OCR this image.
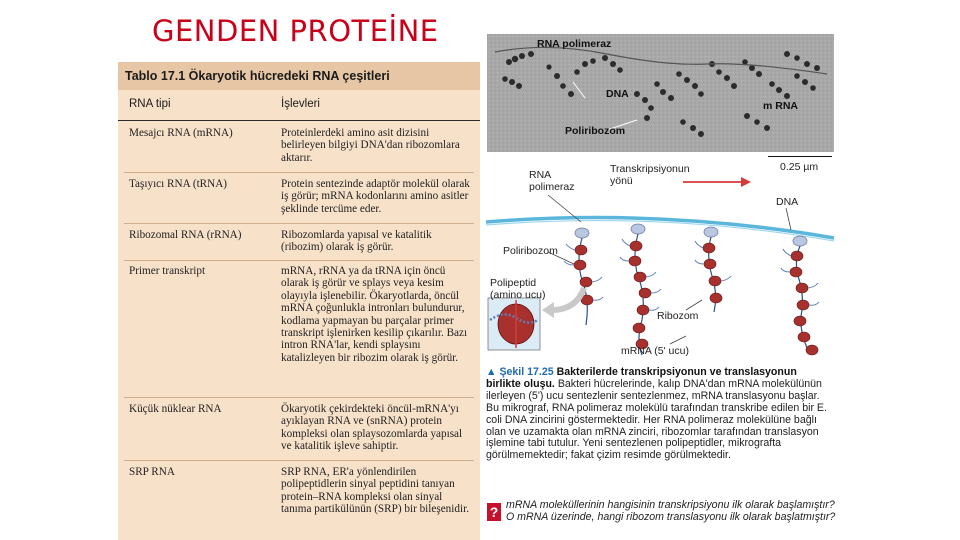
GENDEN PROTEİNE
Tablo 17.1 Ökaryotik hücredeki RNA çeşitleri
RNA tipi	İşlevleri
Mesajcı RNA (mRNA)	Proteinlerdeki amino asit dizisini belirleyen bilgiyi DNA'dan ribozomlara aktarır.
Taşıyıcı RNA (tRNA)	Protein sentezinde adaptör molekül olarak iş görür; mRNA kodonlarını amino asitler şeklinde tercüme eder.
Ribozomal RNA (rRNA)	Ribozomlarda yapısal ve katalitik (ribozim) olarak iş görür.
Primer transkript	mRNA, rRNA ya da tRNA için öncü olarak iş görür ve splays veya kesim olayıyla işlenebilir. Ökaryotlarda, öncül mRNA çoğunlukla intronları bulundurur, kodlama yapmayan bu parçalar primer transkript işlenirken kesilip çıkarılır. Bazı intron RNA'lar, kendi splaysını katalizleyen bir ribozim olarak iş görür.
Küçük nüklear RNA	Ökaryotik çekirdekteki öncül-mRNA'yı ayıklayan RNA ve (snRNA) protein kompleksi olan splaysozomlarda yapısal ve katalitik işleve sahiptir.
SRP RNA	SRP RNA, ER'a yönlendirilen polipeptidlerin sinyal peptidini tanıyan protein–RNA kompleksi olan sinyal tanıma partikülünün (SRP) bir bileşenidir.
RNA polimeraz
DNA
m RNA
Poliribozom
0.25 µm
RNA polimeraz
Transkripsiyonun yönü
DNA
Poliribozom
Polipeptid (amino ucu)
Ribozom
mRNA (5' ucu)
▲ Şekil 17.25 Bakterilerde transkripsiyonun ve translasyonun birlikte oluşu. Bakteri hücrelerinde, kalıp DNA'dan mRNA molekülünün ilerleyen (5') ucu sentezlenir sentezlenmez, mRNA translasyonu başlar. Bu mikrograf, RNA polimeraz molekülü tarafından transkribe edilen bir E. coli DNA zincirini göstermektedir. Her RNA polimeraz molekülüne bağlı olan ve uzamakta olan mRNA zinciri, ribozomlar tarafından translasyon işlemine tabi tutulur. Yeni sentezlenen polipeptidler, mikrografta görülmemektedir; fakat çizim resimde görülmektedir.
? mRNA moleküllerinin hangisinin transkripsiyonu ilk olarak başlamıştır? O mRNA üzerinde, hangi ribozom translasyonu ilk olarak başlatmıştır?
